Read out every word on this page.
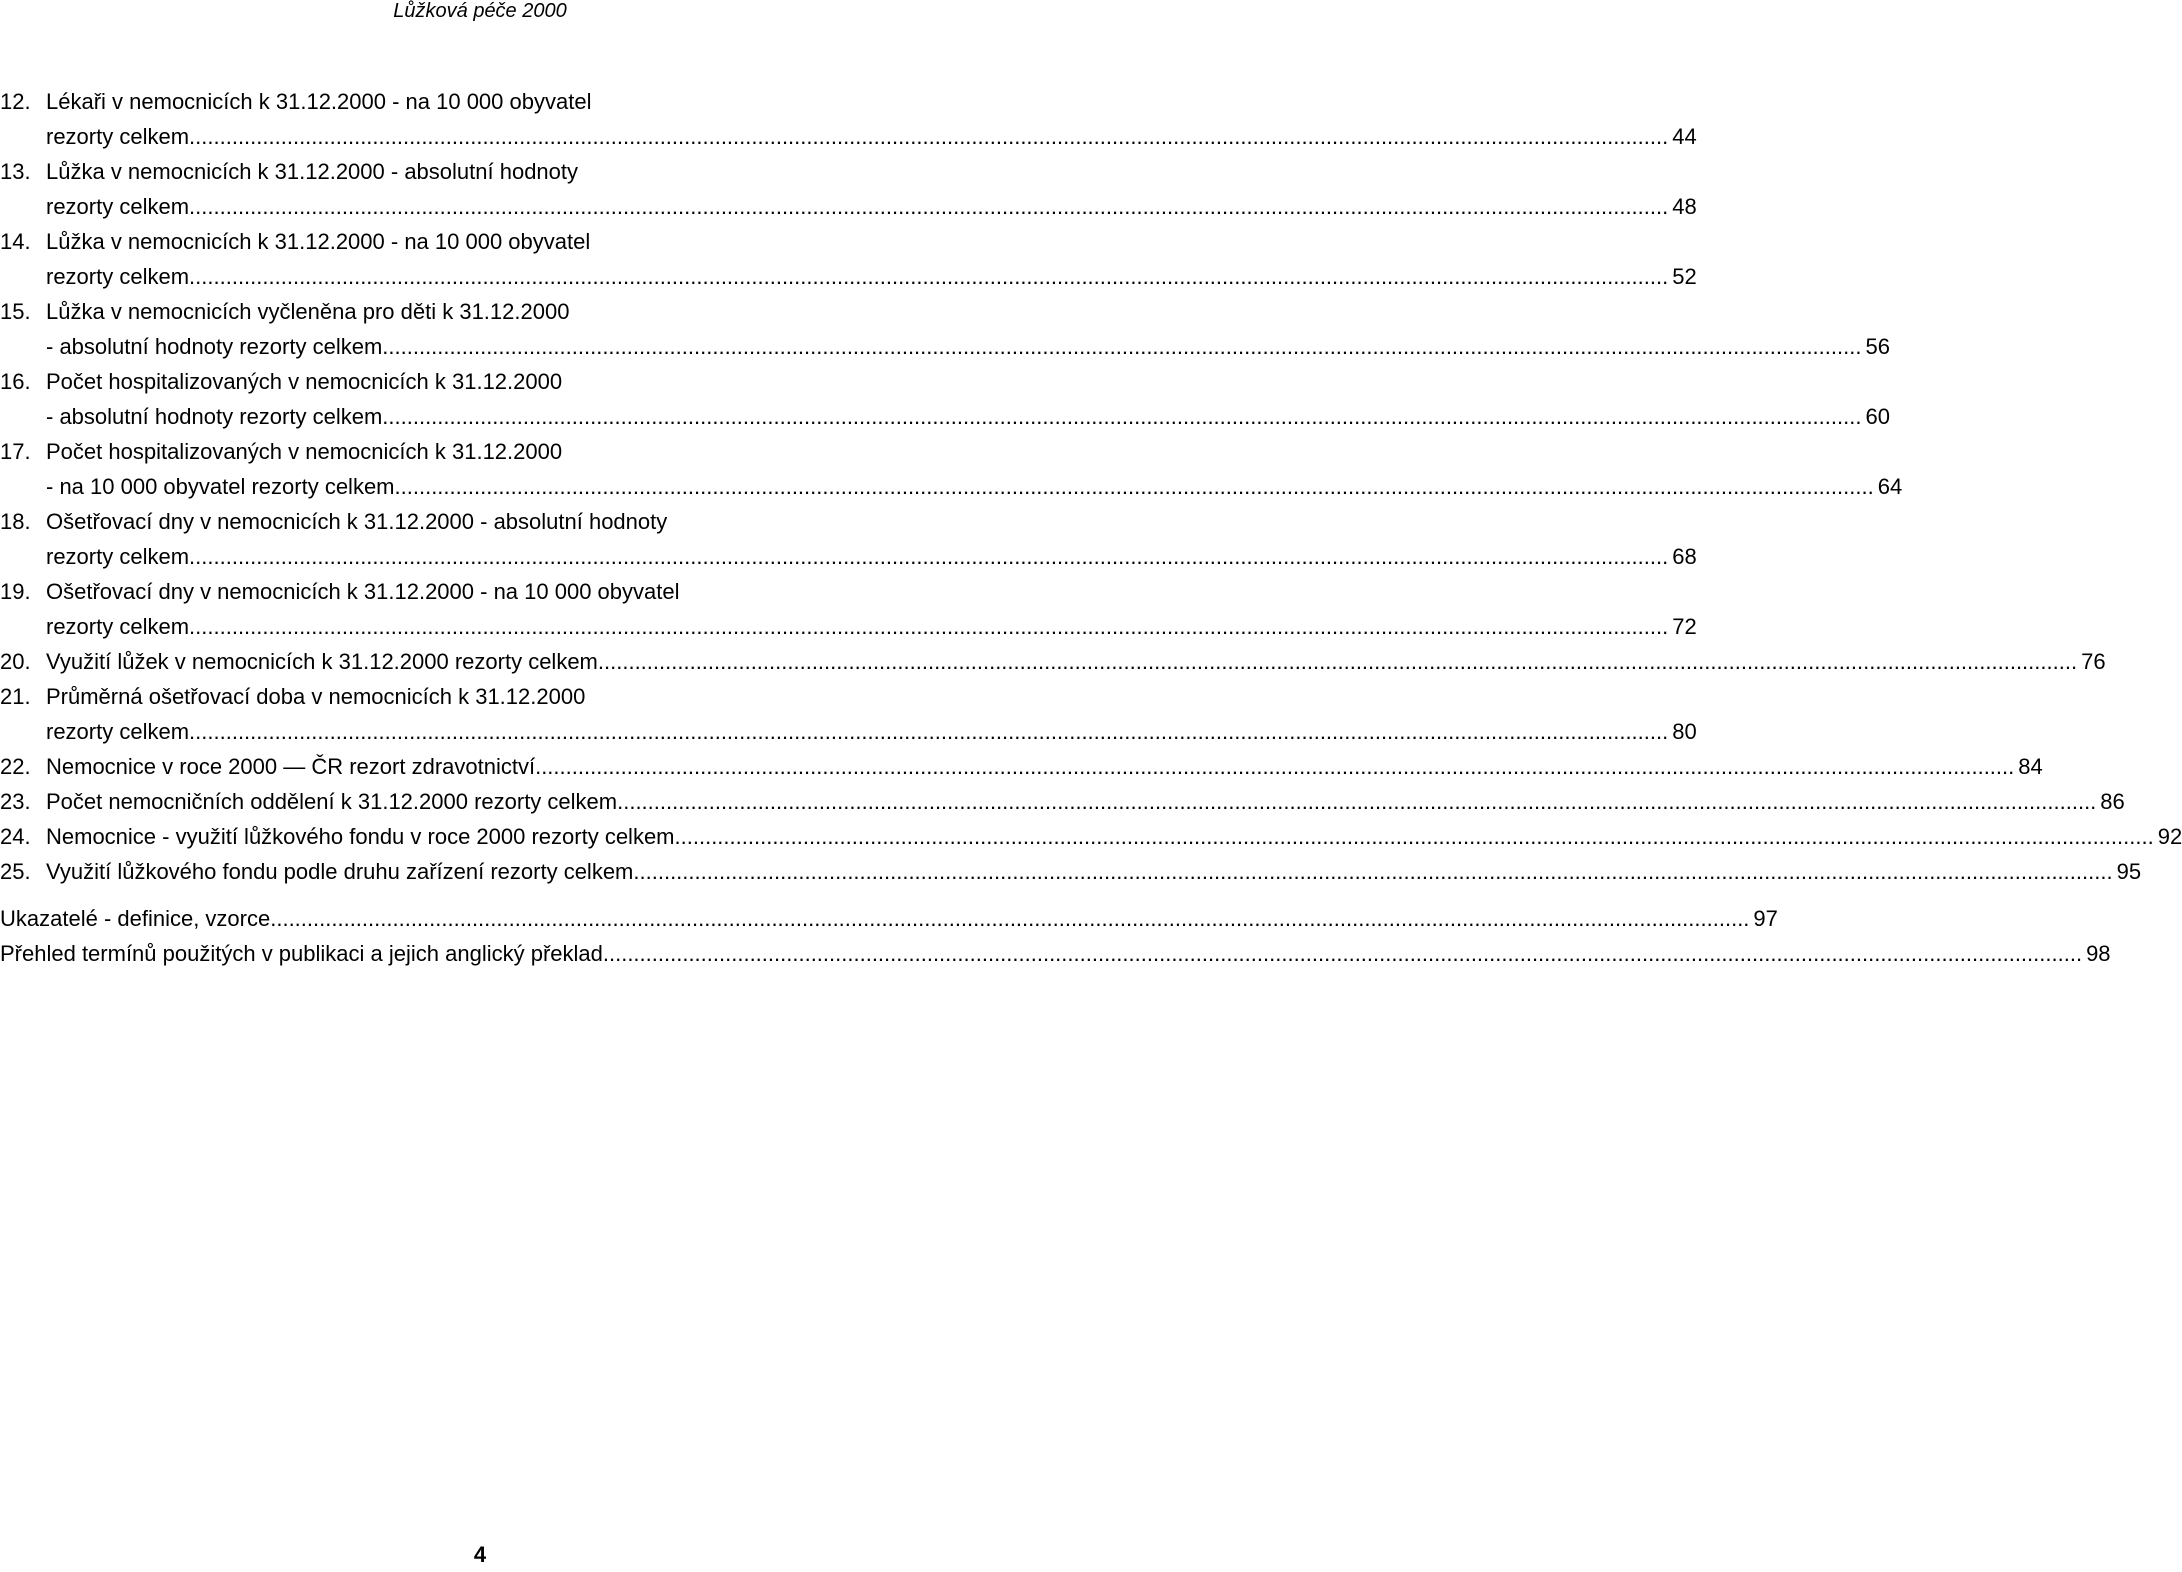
Lůžková péče 2000
12. Lékaři v nemocnicích k 31.12.2000 - na 10 000 obyvatel
rezorty celkem .....	44
13. Lůžka v nemocnicích k 31.12.2000 - absolutní hodnoty
rezorty celkem .....	48
14. Lůžka v nemocnicích k 31.12.2000 - na 10 000 obyvatel
rezorty celkem .....	52
15. Lůžka v nemocnicích vyčleněna pro děti k 31.12.2000
- absolutní hodnoty rezorty celkem .....	56
16. Počet hospitalizovaných v nemocnicích k 31.12.2000
- absolutní hodnoty rezorty celkem .....	60
17. Počet hospitalizovaných v nemocnicích k 31.12.2000
- na 10 000 obyvatel rezorty celkem .....	64
18. Ošetřovací dny v nemocnicích k 31.12.2000 - absolutní hodnoty
rezorty celkem .....	68
19. Ošetřovací dny v nemocnicích k 31.12.2000 - na 10 000 obyvatel
rezorty celkem .....	72
20. Využití lůžek v nemocnicích k 31.12.2000 rezorty celkem .....	76
21. Průměrná ošetřovací doba v nemocnicích k 31.12.2000
rezorty celkem .....	80
22. Nemocnice v roce 2000 — ČR rezort zdravotnictví .....	84
23. Počet nemocničních oddělení k 31.12.2000 rezorty celkem .....	86
24. Nemocnice - využití lůžkového fondu v roce 2000 rezorty celkem .....	92
25. Využití lůžkového fondu podle druhu zařízení rezorty celkem .....	95
Ukazatelé - definice, vzorce .....	97
Přehled termínů použitých v publikaci a jejich anglický překlad .....	98
4
